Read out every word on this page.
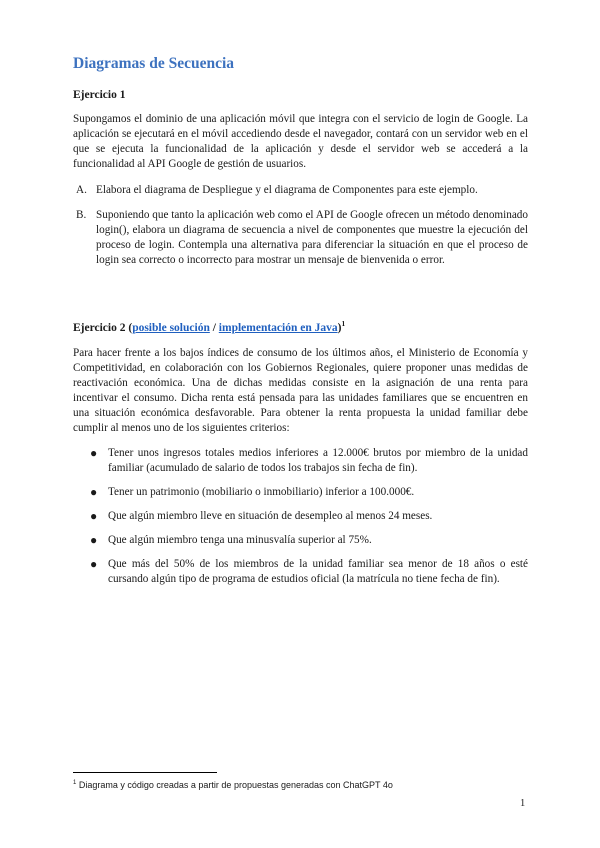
Diagramas de Secuencia

Ejercicio 1

Supongamos el dominio de una aplicación móvil que integra con el servicio de login de Google. La aplicación se ejecutará en el móvil accediendo desde el navegador, contará con un servidor web en el que se ejecuta la funcionalidad de la aplicación y desde el servidor web se accederá a la funcionalidad al API Google de gestión de usuarios.

A. Elabora el diagrama de Despliegue y el diagrama de Componentes para este ejemplo.
B. Suponiendo que tanto la aplicación web como el API de Google ofrecen un método denominado login(), elabora un diagrama de secuencia a nivel de componentes que muestre la ejecución del proceso de login. Contempla una alternativa para diferenciar la situación en que el proceso de login sea correcto o incorrecto para mostrar un mensaje de bienvenida o error.

Ejercicio 2 (posible solución / implementación en Java)$^1$

Para hacer frente a los bajos índices de consumo de los últimos años, el Ministerio de Economía y Competitividad, en colaboración con los Gobiernos Regionales, quiere proponer unas medidas de reactivación económica. Una de dichas medidas consiste en la asignación de una renta para incentivar el consumo. Dicha renta está pensada para las unidades familiares que se encuentren en una situación económica desfavorable. Para obtener la renta propuesta la unidad familiar debe cumplir al menos uno de los siguientes criterios:

● Tener unos ingresos totales medios inferiores a 12.000€ brutos por miembro de la unidad familiar (acumulado de salario de todos los trabajos sin fecha de fin).
● Tener un patrimonio (mobiliario o inmobiliario) inferior a 100.000€.
● Que algún miembro lleve en situación de desempleo al menos 24 meses.
● Que algún miembro tenga una minusvalía superior al 75%.
● Que más del 50% de los miembros de la unidad familiar sea menor de 18 años o esté cursando algún tipo de programa de estudios oficial (la matrícula no tiene fecha de fin).

$^1$ Diagrama y código creadas a partir de propuestas generadas con ChatGPT 4o

1
